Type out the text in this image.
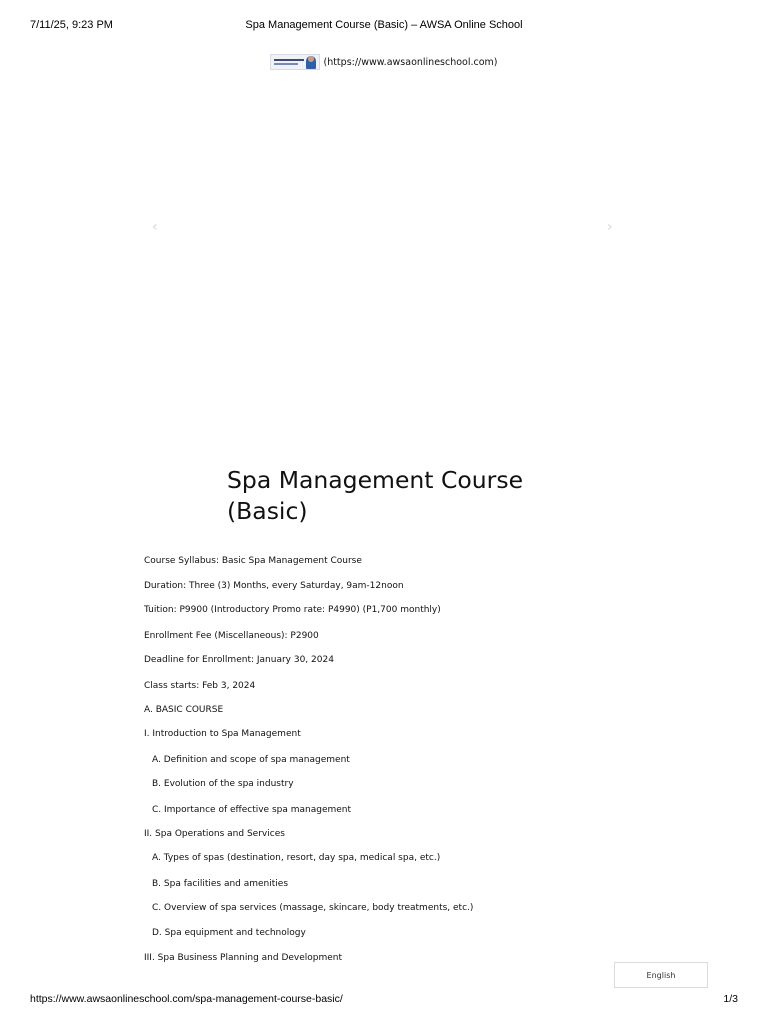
7/11/25, 9:23 PM	Spa Management Course (Basic) – AWSA Online School
(https://www.awsaonlineschool.com)
‹	›
Spa Management Course (Basic)
Course Syllabus: Basic Spa Management Course
Duration: Three (3) Months, every Saturday, 9am-12noon
Tuition: P9900 (Introductory Promo rate: P4990) (P1,700 monthly)
Enrollment Fee (Miscellaneous): P2900
Deadline for Enrollment: January 30, 2024
Class starts: Feb 3, 2024
A. BASIC COURSE
I. Introduction to Spa Management
A. Definition and scope of spa management
B. Evolution of the spa industry
C. Importance of effective spa management
II. Spa Operations and Services
A. Types of spas (destination, resort, day spa, medical spa, etc.)
B. Spa facilities and amenities
C. Overview of spa services (massage, skincare, body treatments, etc.)
D. Spa equipment and technology
III. Spa Business Planning and Development
English
https://www.awsaonlineschool.com/spa-management-course-basic/	1/3
